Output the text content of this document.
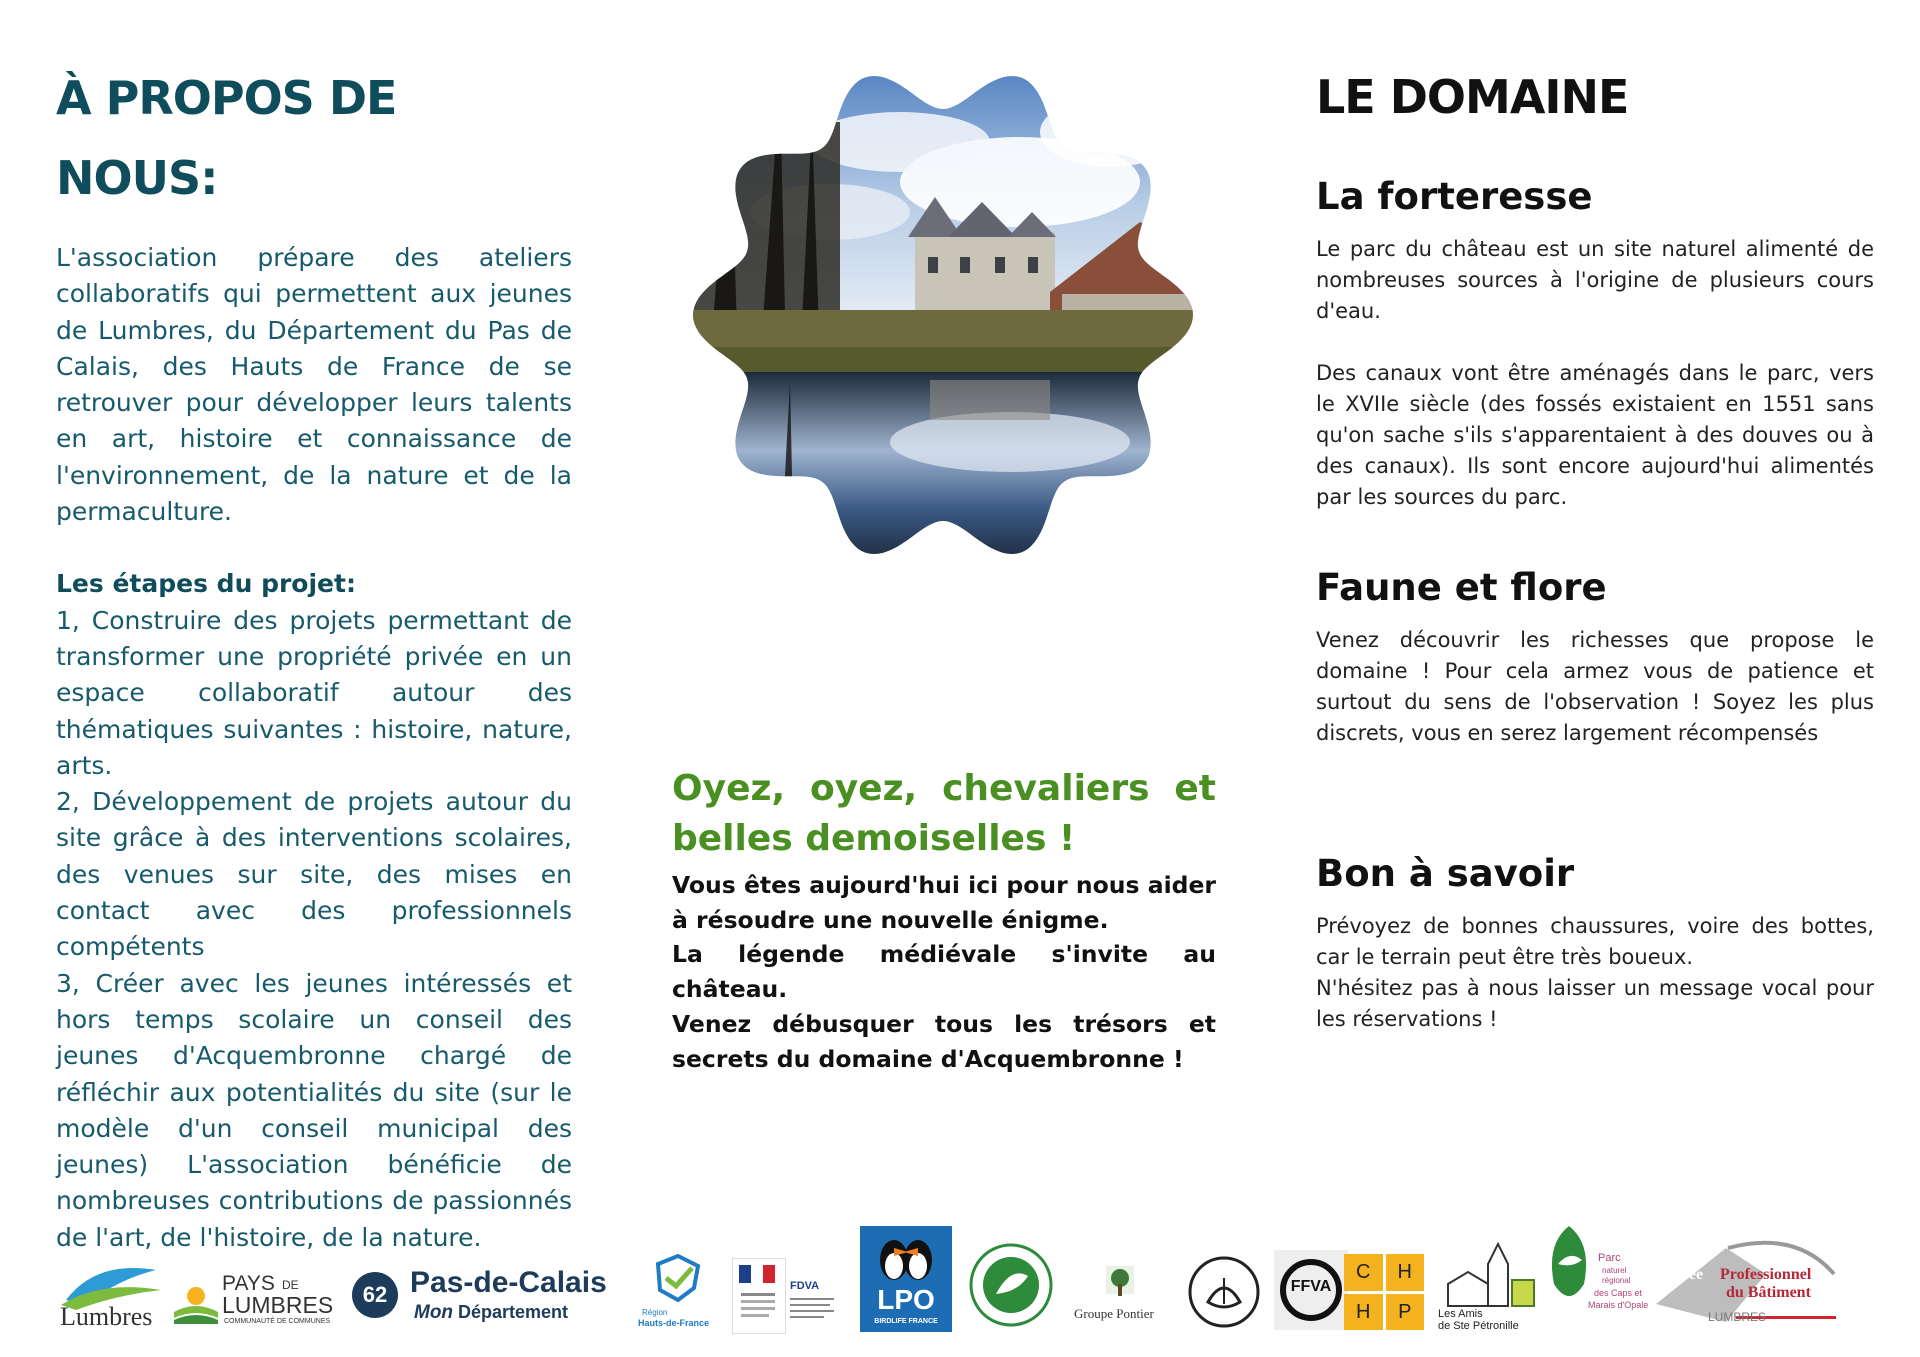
À PROPOS DE NOUS:

L'association prépare des ateliers collaboratifs qui permettent aux jeunes de Lumbres, du Département du Pas de Calais, des Hauts de France de se retrouver pour développer leurs talents en art, histoire et connaissance de l'environnement, de la nature et de la permaculture.

Les étapes du projet:

1, Construire des projets permettant de transformer une propriété privée en un espace collaboratif autour des thématiques suivantes : histoire, nature, arts.

2, Développement de projets autour du site grâce à des interventions scolaires, des venues sur site, des mises en contact avec des professionnels compétents

3, Créer avec les jeunes intéressés et hors temps scolaire un conseil des jeunes d'Acquembronne chargé de réfléchir aux potentialités du site (sur le modèle d'un conseil municipal des jeunes) L'association bénéficie de nombreuses contributions de passionnés de l'art, de l'histoire, de la nature.

Oyez, oyez, chevaliers et
belles demoiselles !

Vous êtes aujourd'hui ici pour nous aider à résoudre une nouvelle énigme.

La légende médiévale s'invite au château.

Venez débusquer tous les trésors et secrets du domaine d'Acquembronne !

LE DOMAINE
La forteresse

Le parc du château est un site naturel alimenté de nombreuses sources à l'origine de plusieurs cours d'eau.

Des canaux vont être aménagés dans le parc, vers le XVIIe siècle (des fossés existaient en 1551 sans qu'on sache s'ils s'apparentaient à des douves ou à des canaux). Ils sont encore aujourd'hui alimentés par les sources du parc.

Faune et flore

Venez découvrir les richesses que propose le domaine ! Pour cela armez vous de patience et surtout du sens de l'observation ! Soyez les plus discrets, vous en serez largement récompensés

Bon à savoir

Prévoyez de bonnes chaussures, voire des bottes, car le terrain peut être très boueux.

N'hésitez pas à nous laisser un message vocal pour les réservations !

Lumbres
PAYS DE
LUMBRES
COMMUNAUTÉ DE COMMUNES
62 Pas-de-Calais
Mon Département	Région
Hauts-de-France
FDVA	LPO
BIRDLIFE FRANCE
Groupe Pontier
FFVA
C	H
H	P	Les Amis
de Ste Pétronille
Parc
naturel
régional
des Caps et
Marais d'Opale
Lycée Professionnel
du Bâtiment
LUMBRES
